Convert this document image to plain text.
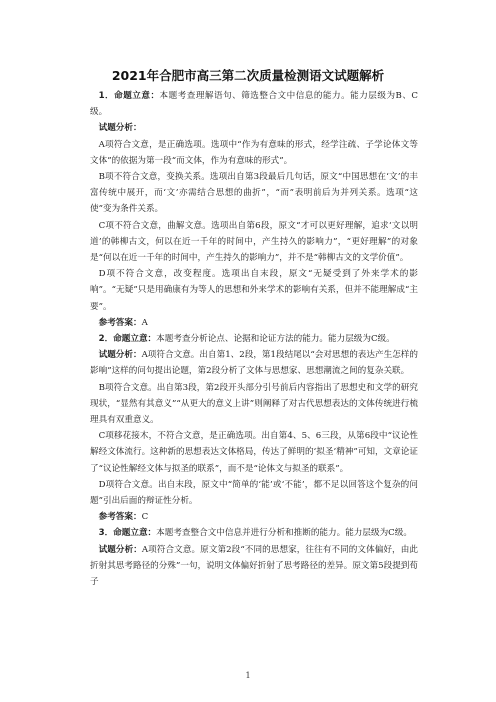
2021年合肥市高三第二次质量检测语文试题解析

1．命题立意：本题考查理解语句、筛选整合文中信息的能力。能力层级为B、C级。

试题分析：

A项符合文意，是正确选项。选项中“作为有意味的形式，经学注疏、子学论体文等文体”的依据为第一段“而文体，作为有意味的形式”。

B项不符合文意，变换关系。选项出自第3段最后几句话，原文“中国思想在‘文’的丰富传统中展开，而‘文’亦需结合思想的曲折”，“而”表明前后为并列关系。选项“这使”变为条件关系。

C项不符合文意，曲解文意。选项出自第6段，原文“才可以更好理解，追求‘文以明道’的韩柳古文，何以在近一千年的时间中，产生持久的影响力”，“更好理解”的对象是“何以在近一千年的时间中，产生持久的影响力”，并不是“韩柳古文的文学价值”。

D项不符合文意，改变程度。选项出自末段，原文“无疑受到了外来学术的影响”。“无疑”只是用确康有为等人的思想和外来学术的影响有关系，但并不能理解成“主要”。

参考答案：A

2．命题立意：本题考查分析论点、论据和论证方法的能力。能力层级为C级。

试题分析：A项符合文意。出自第1、2段，第1段结尾以“会对思想的表达产生怎样的影响”这样的问句提出论题，第2段分析了文体与思想家、思想潮流之间的复杂关联。

B项符合文意。出自第3段，第2段开头部分引号前后内容指出了思想史和文学的研究现状，“显然有其意义”“从更大的意义上讲”则阐释了对古代思想表达的文体传统进行梳理具有双重意义。

C项移花接木，不符合文意，是正确选项。出自第4、5、6三段，从第6段中“议论性解经文体流行。这种新的思想表达文体格局，传达了鲜明的‘拟圣’精神”可知，文章论证了“议论性解经文体与拟圣的联系”，而不是“论体文与拟圣的联系”。

D项符合文意。出自末段，原文中“简单的‘能’或‘不能’，都不足以回答这个复杂的问题”引出后面的辩证性分析。

参考答案：C

3．命题立意：本题考查整合文中信息并进行分析和推断的能力。能力层级为C级。

试题分析：A项符合文意。原文第2段“不同的思想家，往往有不同的文体偏好，由此折射其思考路径的分殊”一句，说明文体偏好折射了思考路径的差异。原文第5段提到荀子

1
